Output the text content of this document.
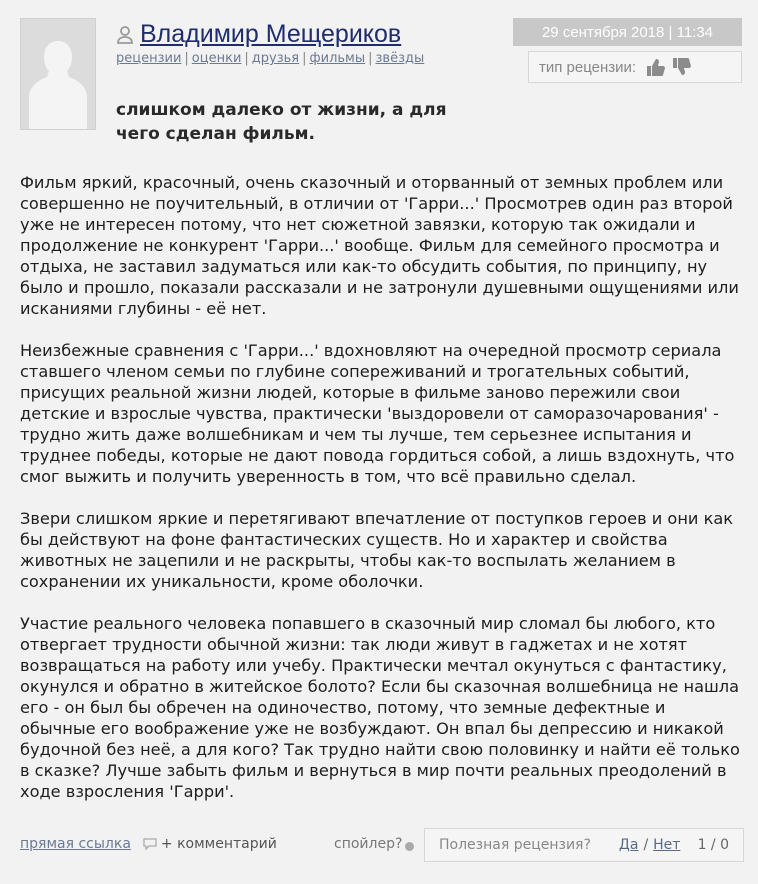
Владимир Мещериков
рецензии | оценки | друзья | фильмы | звёзды
29 сентября 2018 | 11:34
тип рецензии:
слишком далеко от жизни, а для чего сделан фильм.

Фильм яркий, красочный, очень сказочный и оторванный от земных проблем или совершенно не поучительный, в отличии от 'Гарри...' Просмотрев один раз второй уже не интересен потому, что нет сюжетной завязки, которую так ожидали и продолжение не конкурент 'Гарри...' вообще. Фильм для семейного просмотра и отдыха, не заставил задуматься или как-то обсудить события, по принципу, ну было и прошло, показали рассказали и не затронули душевными ощущениями или исканиями глубины - её нет.

Неизбежные сравнения с 'Гарри...' вдохновляют на очередной просмотр сериала ставшего членом семьи по глубине сопереживаний и трогательных событий, присущих реальной жизни людей, которые в фильме заново пережили свои детские и взрослые чувства, практически 'выздоровели от саморазочарования' - трудно жить даже волшебникам и чем ты лучше, тем серьезнее испытания и труднее победы, которые не дают повода гордиться собой, а лишь вздохнуть, что смог выжить и получить уверенность в том, что всё правильно сделал.

Звери слишком яркие и перетягивают впечатление от поступков героев и они как бы действуют на фоне фантастических существ. Но и характер и свойства животных не зацепили и не раскрыты, чтобы как-то воспылать желанием в сохранении их уникальности, кроме оболочки.

Участие реального человека попавшего в сказочный мир сломал бы любого, кто отвергает трудности обычной жизни: так люди живут в гаджетах и не хотят возвращаться на работу или учебу. Практически мечтал окунуться с фантастику, окунулся и обратно в житейское болото? Если бы сказочная волшебница не нашла его - он был бы обречен на одиночество, потому, что земные дефектные и обычные его воображение уже не возбуждают. Он впал бы депрессию и никакой будочной без неё, а для кого? Так трудно найти свою половинку и найти её только в сказке? Лучше забыть фильм и вернуться в мир почти реальных преодолений в ходе взросления 'Гарри'.

прямая ссылка + комментарий	спойлер?	Полезная рецензия? Да / Нет 1 / 0
